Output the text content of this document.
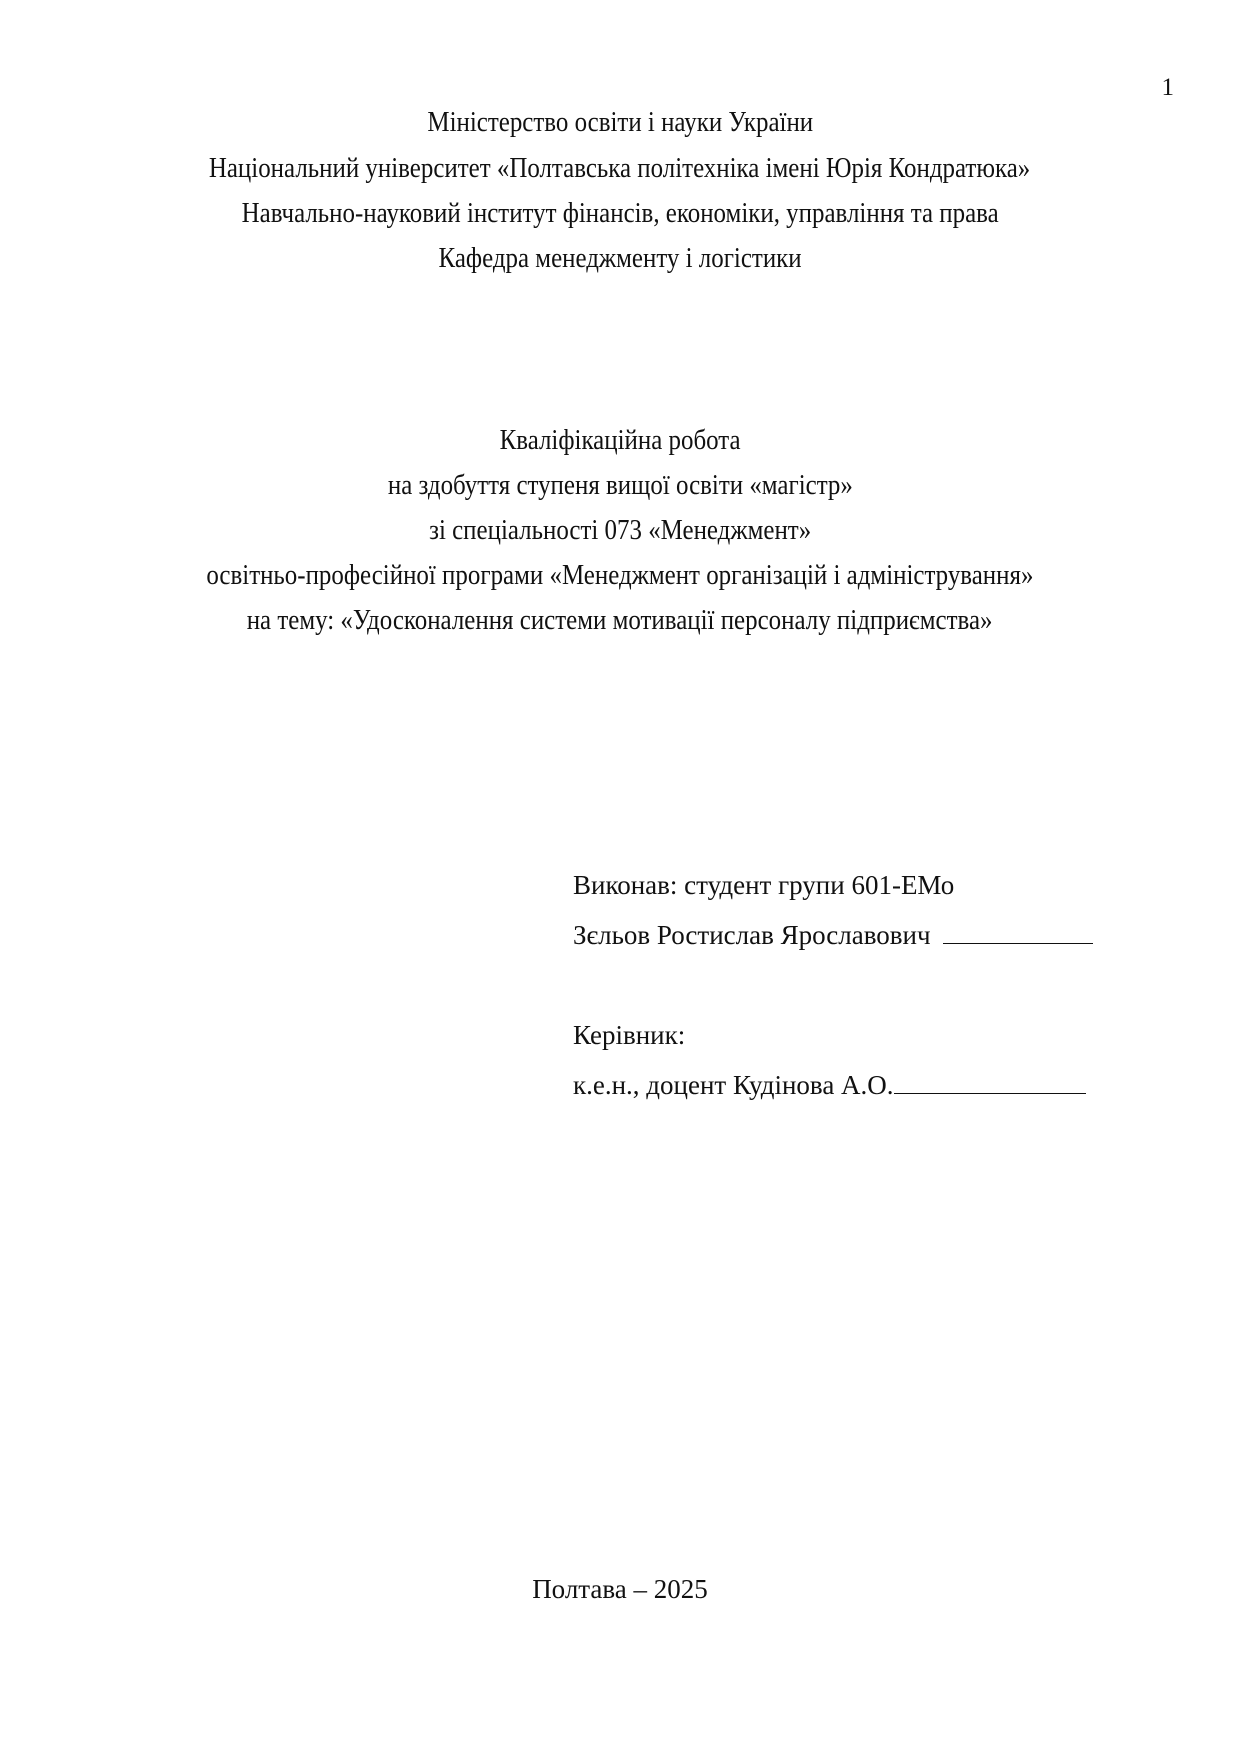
1
Міністерство освіти і науки України
Національний університет «Полтавська політехніка імені Юрія Кондратюка»
Навчально-науковий інститут фінансів, економіки, управління та права
Кафедра менеджменту і логістики
Кваліфікаційна робота
на здобуття ступеня вищої освіти «магістр»
зі спеціальності 073 «Менеджмент»
освітньо-професійної програми «Менеджмент організацій і адміністрування»
на тему: «Удосконалення системи мотивації персоналу підприємства»
Виконав: студент групи 601-ЕМо
Зєльов Ростислав Ярославович
Керівник:
к.е.н., доцент Кудінова А.О.
Полтава – 2025
